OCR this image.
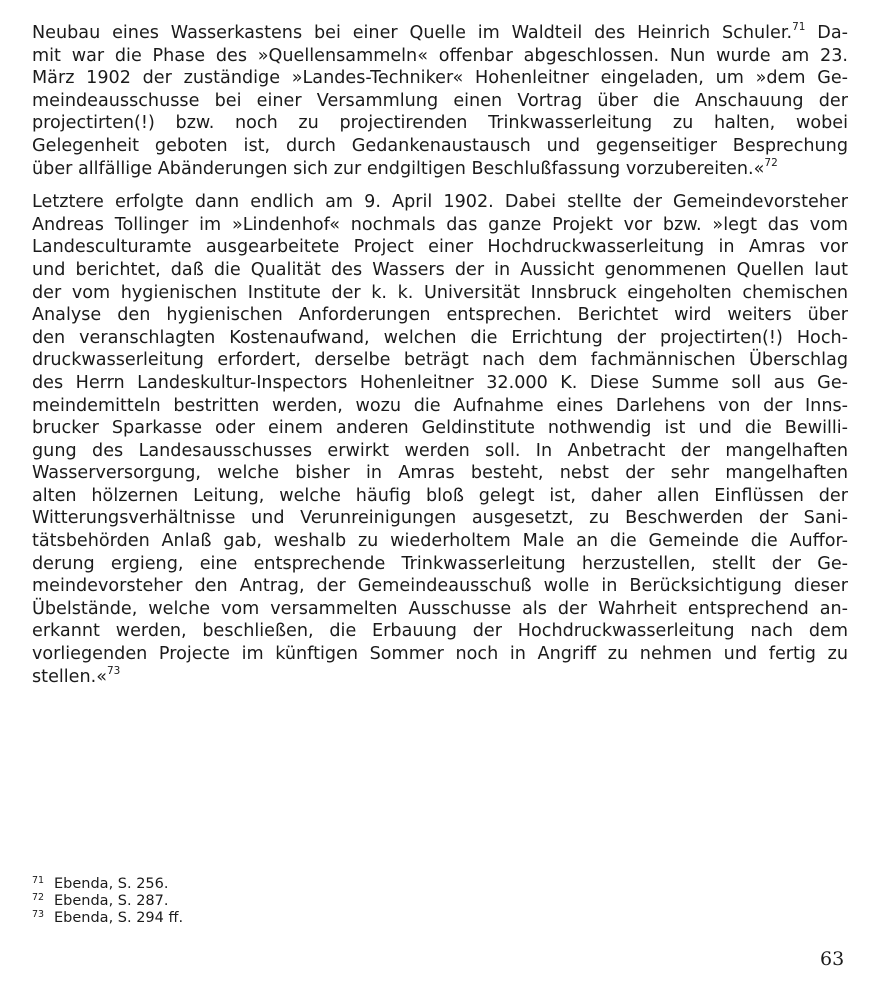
Neubau eines Wasserkastens bei einer Quelle im Waldteil des Heinrich Schuler.$^{71}$ Da-
mit war die Phase des »Quellensammeln« offenbar abgeschlossen. Nun wurde am 23.
März 1902 der zuständige »Landes-Techniker« Hohenleitner eingeladen, um »dem Ge-
meindeausschusse bei einer Versammlung einen Vortrag über die Anschauung der
projectirten(!) bzw. noch zu projectirenden Trinkwasserleitung zu halten, wobei
Gelegenheit geboten ist, durch Gedankenaustausch und gegenseitiger Besprechung
über allfällige Abänderungen sich zur endgiltigen Beschlußfassung vorzubereiten.«$^{72}$
Letztere erfolgte dann endlich am 9. April 1902. Dabei stellte der Gemeindevorsteher
Andreas Tollinger im »Lindenhof« nochmals das ganze Projekt vor bzw. »legt das vom
Landesculturamte ausgearbeitete Project einer Hochdruckwasserleitung in Amras vor
und berichtet, daß die Qualität des Wassers der in Aussicht genommenen Quellen laut
der vom hygienischen Institute der k. k. Universität Innsbruck eingeholten chemischen
Analyse den hygienischen Anforderungen entsprechen. Berichtet wird weiters über
den veranschlagten Kostenaufwand, welchen die Errichtung der projectirten(!) Hoch-
druckwasserleitung erfordert, derselbe beträgt nach dem fachmännischen Überschlag
des Herrn Landeskultur-Inspectors Hohenleitner 32.000 K. Diese Summe soll aus Ge-
meindemitteln bestritten werden, wozu die Aufnahme eines Darlehens von der Inns-
brucker Sparkasse oder einem anderen Geldinstitute nothwendig ist und die Bewilli-
gung des Landesausschusses erwirkt werden soll. In Anbetracht der mangelhaften
Wasserversorgung, welche bisher in Amras besteht, nebst der sehr mangelhaften
alten hölzernen Leitung, welche häufig bloß gelegt ist, daher allen Einflüssen der
Witterungsverhältnisse und Verunreinigungen ausgesetzt, zu Beschwerden der Sani-
tätsbehörden Anlaß gab, weshalb zu wiederholtem Male an die Gemeinde die Auffor-
derung ergieng, eine entsprechende Trinkwasserleitung herzustellen, stellt der Ge-
meindevorsteher den Antrag, der Gemeindeausschuß wolle in Berücksichtigung dieser
Übelstände, welche vom versammelten Ausschusse als der Wahrheit entsprechend an-
erkannt werden, beschließen, die Erbauung der Hochdruckwasserleitung nach dem
vorliegenden Projecte im künftigen Sommer noch in Angriff zu nehmen und fertig zu
stellen.«$^{73}$
71 Ebenda, S. 256.
72 Ebenda, S. 287.
73 Ebenda, S. 294 ff.
63
